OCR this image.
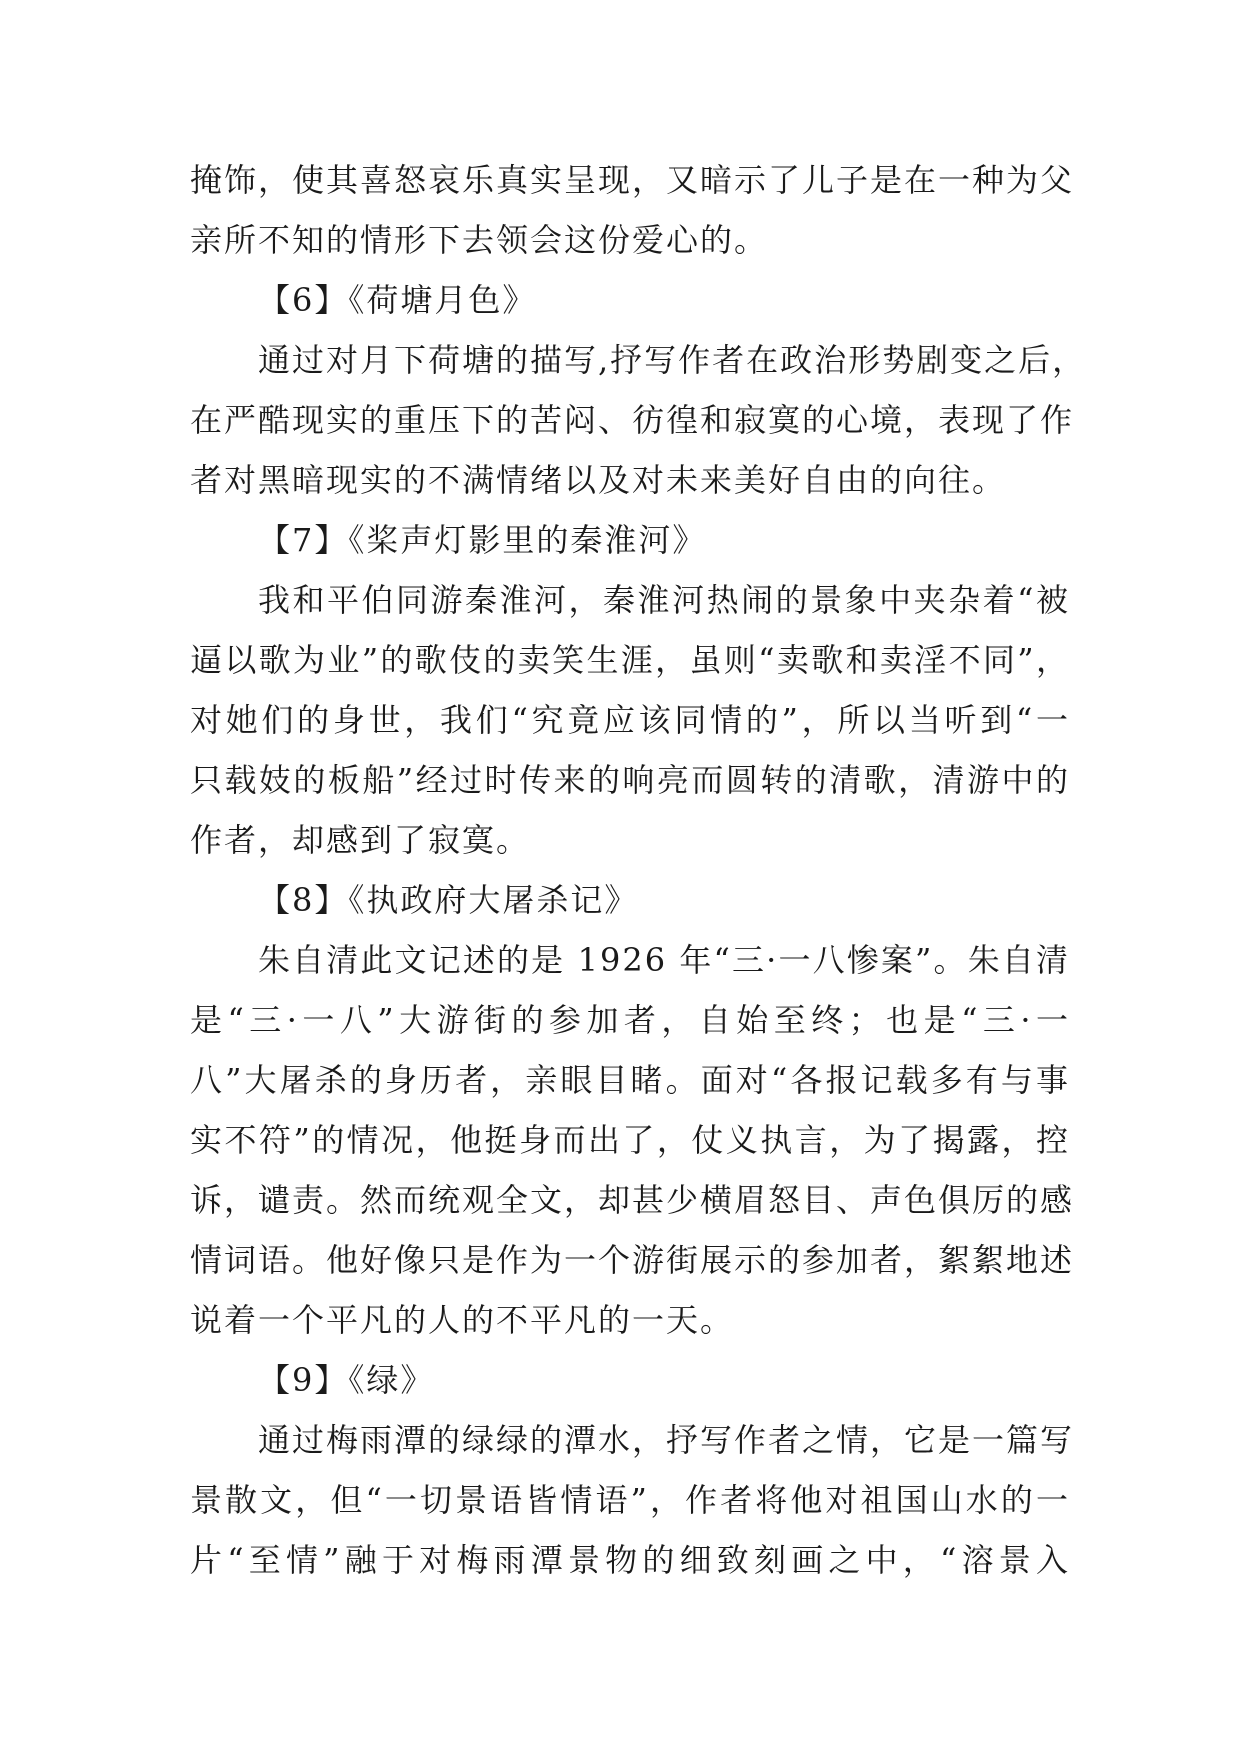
掩饰，使其喜怒哀乐真实呈现，又暗示了儿子是在一种为父
亲所不知的情形下去领会这份爱心的。
【6】《荷塘月色》
通过对月下荷塘的描写,抒写作者在政治形势剧变之后，
在严酷现实的重压下的苦闷、彷徨和寂寞的心境，表现了作
者对黑暗现实的不满情绪以及对未来美好自由的向往。
【7】《桨声灯影里的秦淮河》
我和平伯同游秦淮河，秦淮河热闹的景象中夹杂着“被
逼以歌为业”的歌伎的卖笑生涯，虽则“卖歌和卖淫不同”，
对她们的身世，我们“究竟应该同情的”，所以当听到“一
只载妓的板船”经过时传来的响亮而圆转的清歌，清游中的
作者，却感到了寂寞。
【8】《执政府大屠杀记》
朱自清此文记述的是 1926 年“三·一八惨案”。朱自清
是“三·一八”大游街的参加者，自始至终；也是“三·一
八”大屠杀的身历者，亲眼目睹。面对“各报记载多有与事
实不符”的情况，他挺身而出了，仗义执言，为了揭露，控
诉，谴责。然而统观全文，却甚少横眉怒目、声色俱厉的感
情词语。他好像只是作为一个游街展示的参加者，絮絮地述
说着一个平凡的人的不平凡的一天。
【9】《绿》
通过梅雨潭的绿绿的潭水，抒写作者之情，它是一篇写
景散文，但“一切景语皆情语”，作者将他对祖国山水的一
片“至情”融于对梅雨潭景物的细致刻画之中，“溶景入
